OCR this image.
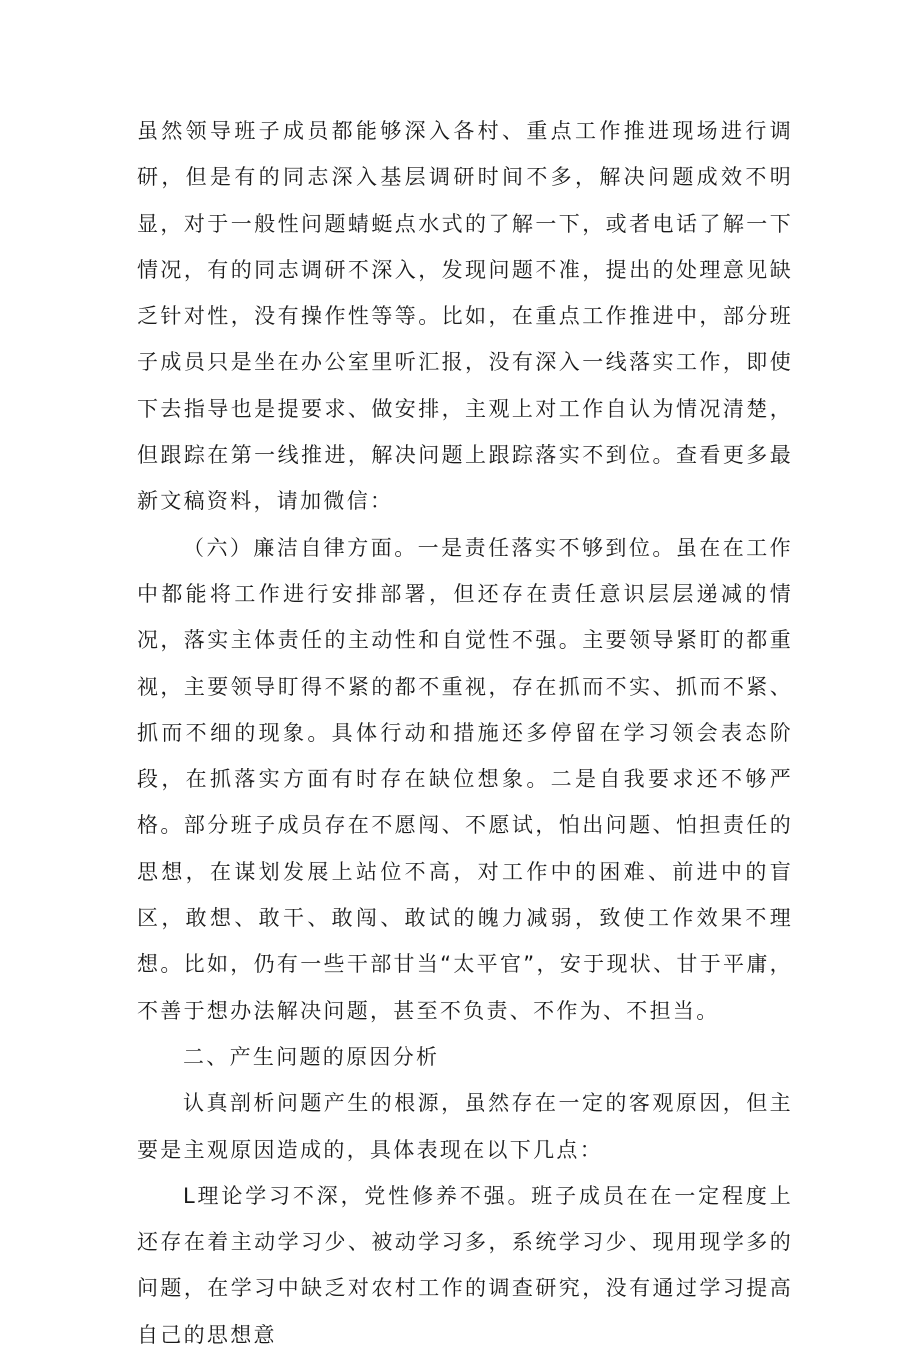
虽然领导班子成员都能够深入各村、重点工作推进现场进行调研，但是有的同志深入基层调研时间不多，解决问题成效不明显，对于一般性问题蜻蜓点水式的了解一下，或者电话了解一下情况，有的同志调研不深入，发现问题不准，提出的处理意见缺乏针对性，没有操作性等等。比如，在重点工作推进中，部分班子成员只是坐在办公室里听汇报，没有深入一线落实工作，即使下去指导也是提要求、做安排，主观上对工作自认为情况清楚，但跟踪在第一线推进，解决问题上跟踪落实不到位。查看更多最新文稿资料，请加微信：

（六）廉洁自律方面。一是责任落实不够到位。虽在在工作中都能将工作进行安排部署，但还存在责任意识层层递减的情况，落实主体责任的主动性和自觉性不强。主要领导紧盯的都重视，主要领导盯得不紧的都不重视，存在抓而不实、抓而不紧、抓而不细的现象。具体行动和措施还多停留在学习领会表态阶段，在抓落实方面有时存在缺位想象。二是自我要求还不够严格。部分班子成员存在不愿闯、不愿试，怕出问题、怕担责任的思想，在谋划发展上站位不高，对工作中的困难、前进中的盲区，敢想、敢干、敢闯、敢试的魄力减弱，致使工作效果不理想。比如，仍有一些干部甘当“太平官”，安于现状、甘于平庸，不善于想办法解决问题，甚至不负责、不作为、不担当。

二、产生问题的原因分析

认真剖析问题产生的根源，虽然存在一定的客观原因，但主要是主观原因造成的，具体表现在以下几点：

L理论学习不深，党性修养不强。班子成员在在一定程度上还存在着主动学习少、被动学习多，系统学习少、现用现学多的问题，在学习中缺乏对农村工作的调查研究，没有通过学习提高自己的思想意
